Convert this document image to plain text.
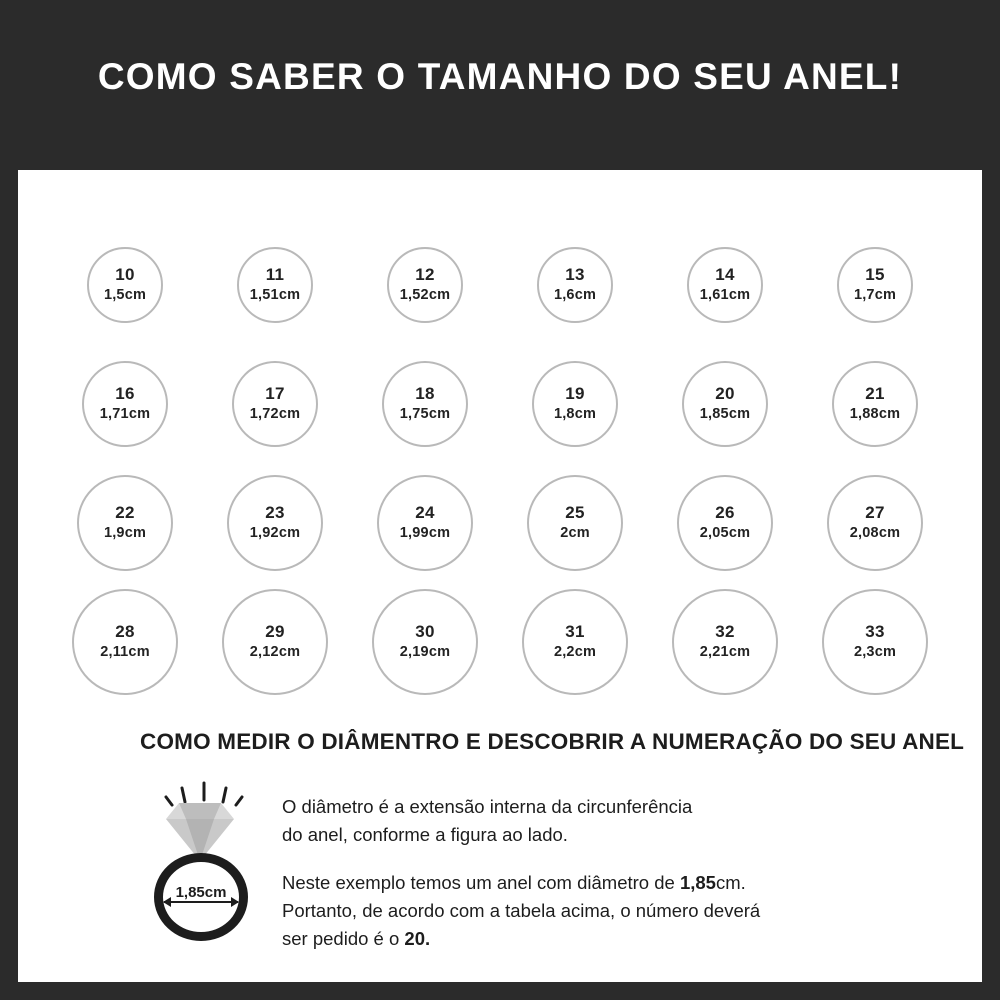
COMO SABER O TAMANHO DO SEU ANEL!
10
1,5cm
11
1,51cm
12
1,52cm
13
1,6cm
14
1,61cm
15
1,7cm
16
1,71cm
17
1,72cm
18
1,75cm
19
1,8cm
20
1,85cm
21
1,88cm
22
1,9cm
23
1,92cm
24
1,99cm
25
2cm
26
2,05cm
27
2,08cm
28
2,11cm
29
2,12cm
30
2,19cm
31
2,2cm
32
2,21cm
33
2,3cm
COMO MEDIR O DIÂMENTRO E DESCOBRIR A NUMERAÇÃO DO SEU ANEL
1,85cm

O diâmetro é a extensão interna da circunferência
do anel, conforme a figura ao lado.

Neste exemplo temos um anel com diâmetro de 1,85cm.
Portanto, de acordo com a tabela acima, o número deverá
ser pedido é o 20.
